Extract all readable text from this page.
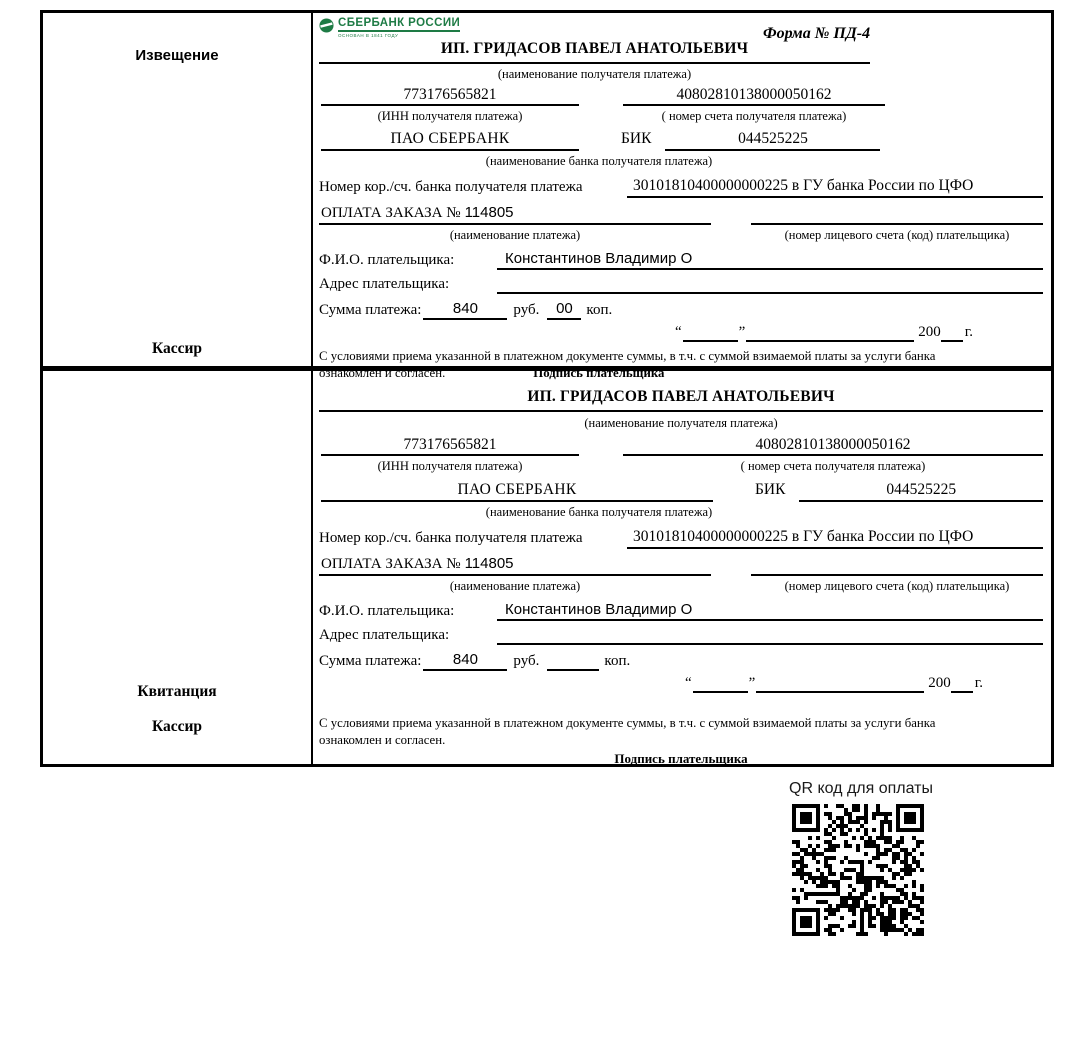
Извещение
Кассир
СБЕРБАНК РОССИИ
ОСНОВАН В 1841 ГОДУ	Форма № ПД-4
ИП. ГРИДАСОВ ПАВЕЛ АНАТОЛЬЕВИЧ
(наименование получателя платежа)
773176565821	40802810138000050162
(ИНН получателя платежа)	( номер счета получателя платежа)
ПАО СБЕРБАНК	БИК	044525225
(наименование банка получателя платежа)
Номер кор./сч. банка получателя платежа	30101810400000000225 в ГУ банка России по ЦФО
ОПЛАТА ЗАКАЗА № 114805
(наименование платежа)	(номер лицевого счета (код) плательщика)
Ф.И.О. плательщика:	Константинов Владимир О
Адрес плательщика:
Сумма платежа:	840	руб.	00 коп.
“	”	200 г.
С условиями приема указанной в платежном документе суммы, в т.ч. с суммой взимаемой платы за услуги банка
ознакомлен и согласен.	Подпись плательщика
Квитанция
Кассир
ИП. ГРИДАСОВ ПАВЕЛ АНАТОЛЬЕВИЧ
(наименование получателя платежа)
773176565821	40802810138000050162
(ИНН получателя платежа)	( номер счета получателя платежа)
ПАО СБЕРБАНК	БИК	044525225
(наименование банка получателя платежа)
Номер кор./сч. банка получателя платежа	30101810400000000225 в ГУ банка России по ЦФО
ОПЛАТА ЗАКАЗА № 114805
(наименование платежа)	(номер лицевого счета (код) плательщика)
Ф.И.О. плательщика:	Константинов Владимир О
Адрес плательщика:
Сумма платежа:	840	руб.	коп.
“	”	200 г.
С условиями приема указанной в платежном документе суммы, в т.ч. с суммой взимаемой платы за услуги банка
ознакомлен и согласен.
Подпись плательщика
QR код для оплаты
